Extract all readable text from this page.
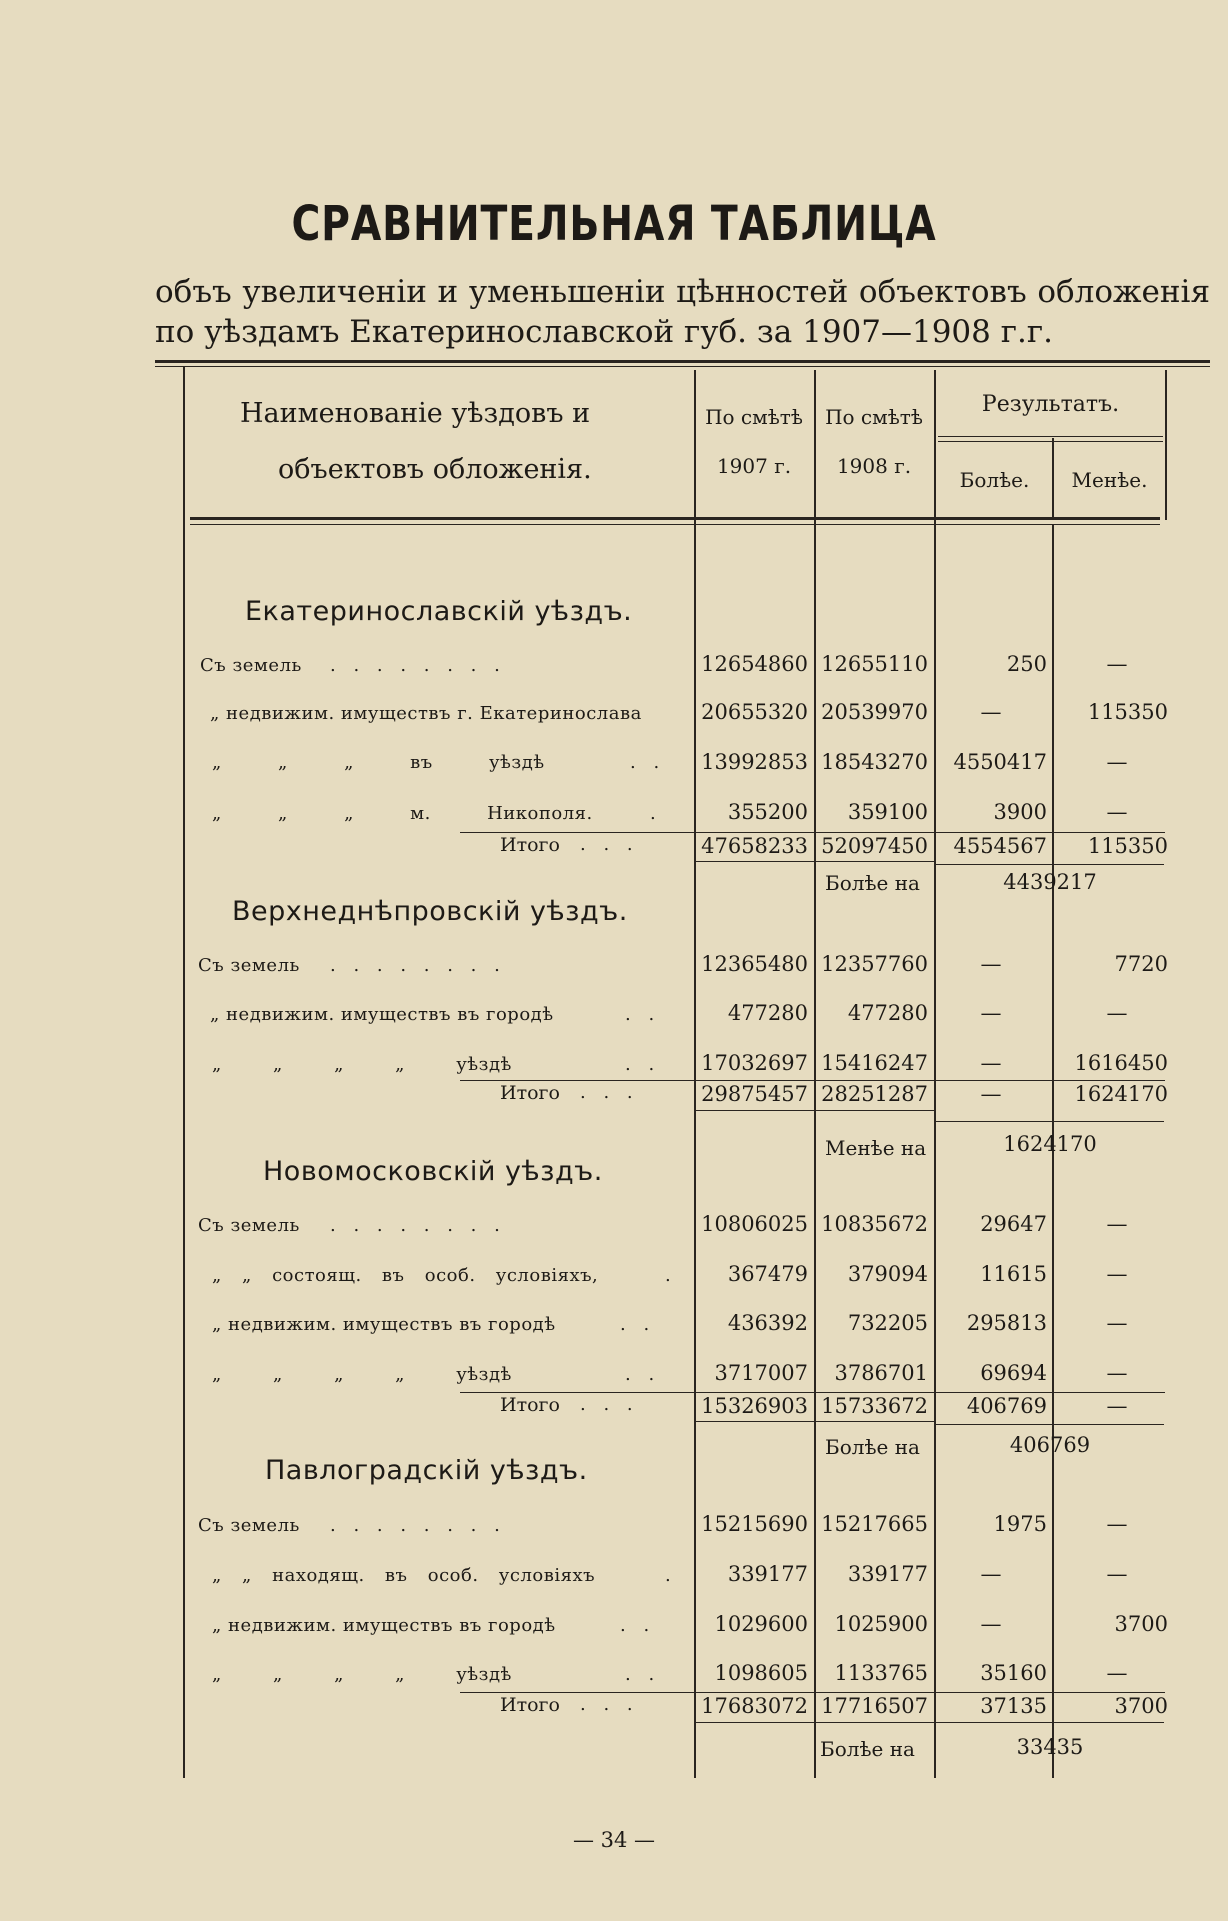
СРАВНИТЕЛЬНАЯ ТАБЛИЦА
объъ увеличеніи и уменьшеніи цѣнностей объектовъ обложенія по уѣздамъ Екатеринославской губ. за 1907—1908 г.г.
Наименованіе уѣздовъ и
объектовъ обложенія.
По смѣтѣ
1907 г.
По смѣтѣ
1908 г.
Результатъ.
Болѣе.	Менѣе.
Екатеринославскій уѣздъ.
Съ земель . . . . . . . .	12654860 12655110	250	—
„ недвижим. имуществъ г. Екатеринослава	20655320 20539970	—	115350
„ „ „ въ уѣздѣ	. . 13992853 18543270	4550417	—
„ „ „ м. Никополя.	.	355200	359100	3900	—
Итого . . .	47658233 52097450	4554567	115350
Болѣе на	4439217
Верхнеднѣпровскій уѣздъ.
Съ земель . . . . . . . .	12365480 12357760	—	7720
„ недвижим. имуществъ въ городѣ	. .	477280	477280	—	—
„ „ „ „ уѣздѣ	. . 17032697 15416247	—	1616450
Итого . . .	29875457 28251287	—	1624170
Менѣе на	1624170
Новомосковскій уѣздъ.
Съ земель . . . . . . . .	10806025 10835672	29647	—
„ „ состоящ. въ особ. условіяхъ,	.	367479	379094	11615	—
„ недвижим. имуществъ въ городѣ	. .	436392	732205	295813	—
„ „ „ „ уѣздѣ	. .	3717007	3786701	69694	—
Итого . . .	15326903 15733672	406769	—
Болѣе на	406769
Павлоградскій уѣздъ.
Съ земель . . . . . . . .	15215690 15217665	1975	—
„ „ находящ. въ особ. условіяхъ	.	339177	339177	—	—
„ недвижим. имуществъ въ городѣ	. .	1029600	1025900	—	3700
„ „ „ „ уѣздѣ	. .	1098605	1133765	35160	—
Итого . . .	17683072 17716507	37135	3700
Болѣе на	33435
— 34 —
